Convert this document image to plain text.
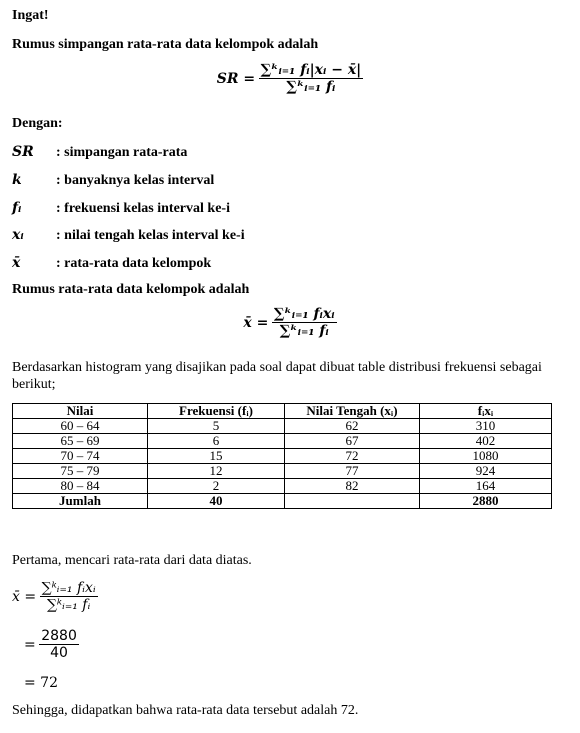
Ingat!
Rumus simpangan rata-rata data kelompok adalah
SR = $\frac{\text{∑ᵏᵢ₌₁ fᵢ|xᵢ − x̄|}}{\text{∑ᵏᵢ₌₁ fᵢ}}$
Dengan:
SR : simpangan rata-rata
k : banyaknya kelas interval
fᵢ : frekuensi kelas interval ke-i
xᵢ : nilai tengah kelas interval ke-i
x̄	: rata-rata data kelompok
Rumus rata-rata data kelompok adalah
x̄ = $\frac{\text{∑ᵏᵢ₌₁ fᵢxᵢ}}{\text{∑ᵏᵢ₌₁ fᵢ}}$
Berdasarkan histogram yang disajikan pada soal dapat dibuat table distribusi frekuensi sebagai berikut;
Nilai	Frekuensi (fᵢ)	Nilai Tengah (xᵢ)	fᵢxᵢ
60 – 64	5	62	310
65 – 69	6	67	402
70 – 74	15	72	1080
75 – 79	12	77	924
80 – 84	2	82	164
Jumlah	40		2880
Pertama, mencari rata-rata dari data diatas.
x̄ = $\frac{\text{∑ᵏᵢ₌₁ fᵢxᵢ}}{\text{∑ᵏᵢ₌₁ fᵢ}}$
= $\frac{2880}{40}$
= 72
Sehingga, didapatkan bahwa rata-rata data tersebut adalah 72.
